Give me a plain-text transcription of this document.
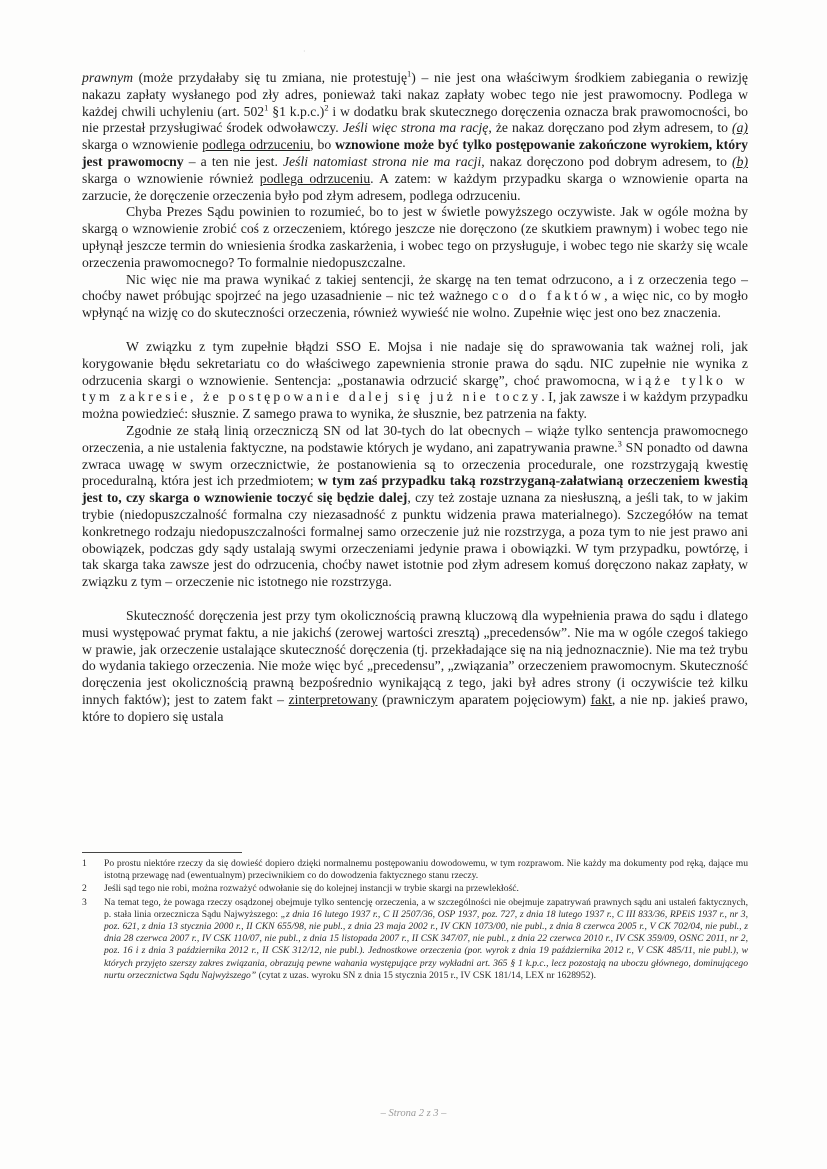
·

prawnym (może przydałaby się tu zmiana, nie protestuję$^1$) – nie jest ona właściwym środkiem zabiegania o rewizję nakazu zapłaty wysłanego pod zły adres, ponieważ taki nakaz zapłaty wobec tego nie jest prawomocny. Podlega w każdej chwili uchyleniu (art. $502^1$ §1 k.p.c.)$^2$ i w dodatku brak skutecznego doręczenia oznacza brak prawomocności, bo nie przestał przysługiwać środek odwoławczy. Jeśli więc strona ma rację, że nakaz doręczano pod złym adresem, to (a) skarga o wznowienie podlega odrzuceniu, bo wznowione może być tylko postępowanie zakończone wyrokiem, który jest prawomocny – a ten nie jest. Jeśli natomiast strona nie ma racji, nakaz doręczono pod dobrym adresem, to (b) skarga o wznowienie również podlega odrzuceniu. A zatem: w każdym przypadku skarga o wznowienie oparta na zarzucie, że doręczenie orzeczenia było pod złym adresem, podlega odrzuceniu.

Chyba Prezes Sądu powinien to rozumieć, bo to jest w świetle powyższego oczywiste. Jak w ogóle można by skargą o wznowienie zrobić coś z orzeczeniem, którego jeszcze nie doręczono (ze skutkiem prawnym) i wobec tego nie upłynął jeszcze termin do wniesienia środka zaskarżenia, i wobec tego on przysługuje, i wobec tego nie skarży się wcale orzeczenia prawomocnego? To formalnie niedopuszczalne.

Nic więc nie ma prawa wynikać z takiej sentencji, że skargę na ten temat odrzucono, a i z orzeczenia tego – choćby nawet próbując spojrzeć na jego uzasadnienie – nic też ważnego co do faktów, a więc nic, co by mogło wpłynąć na wizję co do skuteczności orzeczenia, również wywieść nie wolno. Zupełnie więc jest ono bez znaczenia.

W związku z tym zupełnie błądzi SSO E. Mojsa i nie nadaje się do sprawowania tak ważnej roli, jak korygowanie błędu sekretariatu co do właściwego zapewnienia stronie prawa do sądu. NIC zupełnie nie wynika z odrzucenia skargi o wznowienie. Sentencja: „postanawia odrzucić skargę”, choć prawomocna, wiąże tylko w tym zakresie, że postępowanie dalej się już nie toczy. I, jak zawsze i w każdym przypadku można powiedzieć: słusznie. Z samego prawa to wynika, że słusznie, bez patrzenia na fakty.

Zgodnie ze stałą linią orzeczniczą SN od lat 30-tych do lat obecnych – wiąże tylko sentencja prawomocnego orzeczenia, a nie ustalenia faktyczne, na podstawie których je wydano, ani zapatrywania prawne.$^3$ SN ponadto od dawna zwraca uwagę w swym orzecznictwie, że postanowienia są to orzeczenia procedurale, one rozstrzygają kwestię proceduralną, która jest ich przedmiotem; w tym zaś przypadku taką rozstrzyganą-załatwianą orzeczeniem kwestią jest to, czy skarga o wznowienie toczyć się będzie dalej, czy też zostaje uznana za niesłuszną, a jeśli tak, to w jakim trybie (niedopuszczalność formalna czy niezasadność z punktu widzenia prawa materialnego). Szczegółów na temat konkretnego rodzaju niedopuszczalności formalnej samo orzeczenie już nie rozstrzyga, a poza tym to nie jest prawo ani obowiązek, podczas gdy sądy ustalają swymi orzeczeniami jedynie prawa i obowiązki. W tym przypadku, powtórzę, i tak skarga taka zawsze jest do odrzucenia, choćby nawet istotnie pod złym adresem komuś doręczono nakaz zapłaty, w związku z tym – orzeczenie nic istotnego nie rozstrzyga.

Skuteczność doręczenia jest przy tym okolicznością prawną kluczową dla wypełnienia prawa do sądu i dlatego musi występować prymat faktu, a nie jakichś (zerowej wartości zresztą) „precedensów”. Nie ma w ogóle czegoś takiego w prawie, jak orzeczenie ustalające skuteczność doręczenia (tj. przekładające się na nią jednoznacznie). Nie ma też trybu do wydania takiego orzeczenia. Nie może więc być „precedensu”, „związania” orzeczeniem prawomocnym. Skuteczność doręczenia jest okolicznością prawną bezpośrednio wynikającą z tego, jaki był adres strony (i oczywiście też kilku innych faktów); jest to zatem fakt – zinterpretowany (prawniczym aparatem pojęciowym) fakt, a nie np. jakieś prawo, które to dopiero się ustala

1	Po prostu niektóre rzeczy da się dowieść dopiero dzięki normalnemu postępowaniu dowodowemu, w tym rozprawom. Nie każdy ma dokumenty pod ręką, dające mu istotną przewagę nad (ewentualnym) przeciwnikiem co do dowodzenia faktycznego stanu rzeczy.
2	Jeśli sąd tego nie robi, można rozważyć odwołanie się do kolejnej instancji w trybie skargi na przewlekłość.
3	Na temat tego, że powaga rzeczy osądzonej obejmuje tylko sentencję orzeczenia, a w szczególności nie obejmuje zapatrywań prawnych sądu ani ustaleń faktycznych, p. stała linia orzecznicza Sądu Najwyższego: „z dnia 16 lutego 1937 r., C II 2507/36, OSP 1937, poz. 727, z dnia 18 lutego 1937 r., C III 833/36, RPEiS 1937 r., nr 3, poz. 621, z dnia 13 stycznia 2000 r., II CKN 655/98, nie publ., z dnia 23 maja 2002 r., IV CKN 1073/00, nie publ., z dnia 8 czerwca 2005 r., V CK 702/04, nie publ., z dnia 28 czerwca 2007 r., IV CSK 110/07, nie publ., z dnia 15 listopada 2007 r., II CSK 347/07, nie publ., z dnia 22 czerwca 2010 r., IV CSK 359/09, OSNC 2011, nr 2, poz. 16 i z dnia 3 października 2012 r., II CSK 312/12, nie publ.). Jednostkowe orzeczenia (por. wyrok z dnia 19 października 2012 r., V CSK 485/11, nie publ.), w których przyjęto szerszy zakres związania, obrazują pewne wahania występujące przy wykładni art. 365 § 1 k.p.c., lecz pozostają na uboczu głównego, dominującego nurtu orzecznictwa Sądu Najwyższego” (cytat z uzas. wyroku SN z dnia 15 stycznia 2015 r., IV CSK 181/14, LEX nr 1628952).
– Strona 2 z 3 –
